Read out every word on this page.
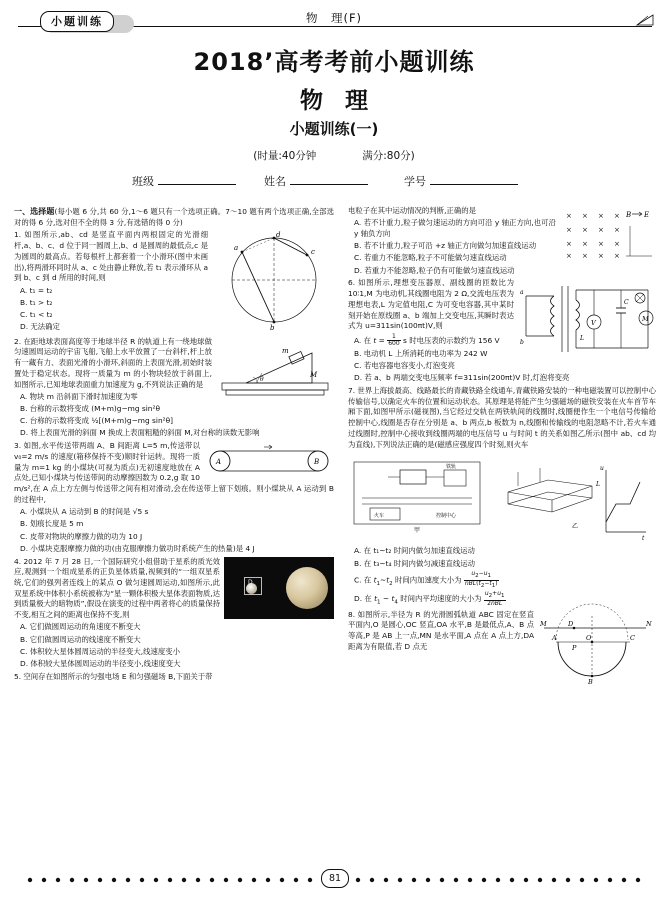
小题训练	物　理(F)
2018’高考考前小题训练
物理
小题训练(一)
(时量:40分钟	满分:80分)
班级	姓名	学号

一、选择题(每小题 6 分,共 60 分,1～6 题只有一个选项正确。7～10 题有两个选项正确,全部选对的得 6 分,选对但不全的得 3 分,有选错的得 0 分)

a
b
c
d

1. 如图所示,ab、cd 是竖直平面内两根固定的光滑细杆,a、b、c、d 位于同一圆周上,b、d 是圆周的最低点,c 是为圆周的最高点。若每根杆上都套着一个小滑环(图中未画出),将两滑环同时从 a、c 处由静止释放,若 t₁ 表示滑环从 a 到 b、c 到 d 所用的时间,则

A. t₁ = t₂

B. t₁ > t₂

C. t₁ < t₂

D. 无法确定

θ
m
M

2. 在距地球表面高度等于地球半径 R 的轨道上有一绕地球做匀速圆周运动的宇宙飞船,飞船上水平放置了一台斜杆,杆上放有一藏有力、表面光滑的小滑环,斜面的上表面光滑,初始时装置处于稳定状态。现将一质量为 m 的小物块轻放于斜面上,如图所示,已知地球表面重力加速度为 g,不列说法正确的是

A. 物块 m 沿斜面下滑时加速度为零

B. 台称的示数将变成 (M+m)g−mg sin²θ

C. 台称的示数将变成 ½[(M+m)g−mg sin²θ]

D. 将上表面光滑的斜面 M 换成上表面粗糙的斜面 M,对台称的读数无影响

A	B

3. 如图,水平传送带两端 A、B 间距离 L=5 m,传送带以 v₀=2 m/s 的速度(箱移保持不变)顺时针运转。现将一质量为 m=1 kg 的小煤块(可视为质点)无初速度地放在 A 点处,已知小煤块与传送带间的动摩擦因数为 0.2,g 取 10 m/s²,在 A 点上方左侧与传送带之间有相对滑动,会在传送带上留下划痕。则小煤块从 A 运动到 B 的过程中,

A. 小煤块从 A 运动到 B 的时间是 √5 s

B. 划痕长度是 5 m

C. 皮带对物块的摩擦力做的功为 10 J

D. 小煤块克服摩擦力做的功(由克服摩擦力做功时系统产生的热量)是 4 J

D

4. 2012 年 7 月 28 日,一个国际研究小组借助于星系的质光效应,观测到一个组成星系的正负星体质量,视频到的“一组双星系统,它们的强列者连线上的某点 O 做匀速圆周运动,如图所示,此双星系统中体积小系统被称为“星一颗体积极大星体表面物质,达到质量极大的暗物质”,假设在演变的过程中两者将心的质量保持不变,相互之间的距离也保持不变,则

A. 它们做圆周运动的角速度不断变大

B. 它们做圆周运动的线速度不断变大

C. 体积较大星体圆周运动的半径变大,线速度变小

D. 体积较大星体圆周运动的半径变小,线速度变大

5. 空间存在如图所示的匀强电场 E 和匀强磁场 B,下面关于带

× × × ×
× × × ×
× × × ×
× × × ×
B E

电粒子在其中运动情况的判断,正确的是

A. 若不计重力,粒子做匀速运动的方向可沿 y 轴正方向,也可沿 y 轴负方向

B. 若不计重力,粒子可沿 +z 轴正方向做匀加速直线运动

C. 若重力不能忽略,粒子不可能做匀速直线运动

D. 若重力不能忽略,粒子仍有可能做匀速直线运动

a
b
V
C
M
L

6. 如图所示,理想变压器原、副线圈的匝数比为 10∶1,M 为电动机,其线圈电阻为 2 Ω,交流电压表为理想电表,L 为定值电阻,C 为可变电容器,其中某时刻开始在原线圈 a、b 端加上交变电压,其瞬时表达式为 u=311sin(100πt)V,则

A. 在 $t = \frac{1}{600}$ s 时电压表的示数约为 156 V

B. 电动机 L 上所消耗的电功率为 242 W

C. 若电容器电容变小,灯泡变亮

D. 若 a、b 两端交变电压频率 f=311sin(200πt)V 时,灯泡将变亮

7. 世界上海拔最高、线路最长的青藏铁路全线通车,青藏铁路安装的一种电磁装置可以控制中心传输信号,以确定火车的位置和运动状态。其原理是将能产生匀强磁场的磁铁安装在火车首节车厢下面,如图甲所示(磁视图),当它经过交轨在两铁轨间的线圈时,线圈便作生一个电信号传输给控制中心,线圈是否存在分别是 a、b 两点,b 板数为 n,线圈和传输线的电阻忽略不计,若火车通过线圈时,控制中心接收到线圈两端的电压信号 u 与时间 t 的关系如图乙所示(图中 ab、cd 均为直线),下列说法正确的是(磁感应强度四个时刻,则火车

铁轨
火车	控制中心
甲
L
乙
u
t

A. 在 t₁~t₂ 时间内做匀加速直线运动

B. 在 t₃~t₄ 时间内做匀减速直线运动

C. 在 $t_1\sim t_2$ 时间内加速度大小为 $\frac{u_2-u_1}{nBL(t_2-t_1)}$

D. 在 $t_1$ ~ $t_4$ 时间内平均速度的大小为 $\frac{u_2+u_1}{\text{2nBL}}$

O
B
A	C
D
M	N
P

8. 如图所示,半径为 R 的光滑圆弧轨道 ABC 固定在竖直平面内,O 是圆心,OC 竖直,OA 水平,B 是最低点,A、B 点等高,P 是 AB 上一点,MN 是水平面,A 点在 A 点上方,DA 距离为有限值,若 D 点无

81
